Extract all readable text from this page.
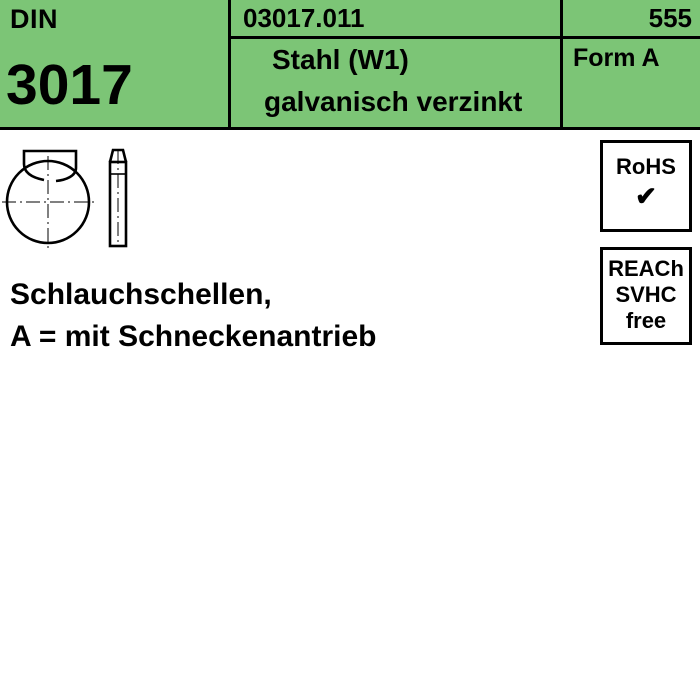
DIN
3017
03017.011	555
Stahl (W1)
galvanisch verzinkt
Form A
RoHS
✔
REACh
SVHC
free
Schlauchschellen,
A = mit Schneckenantrieb
